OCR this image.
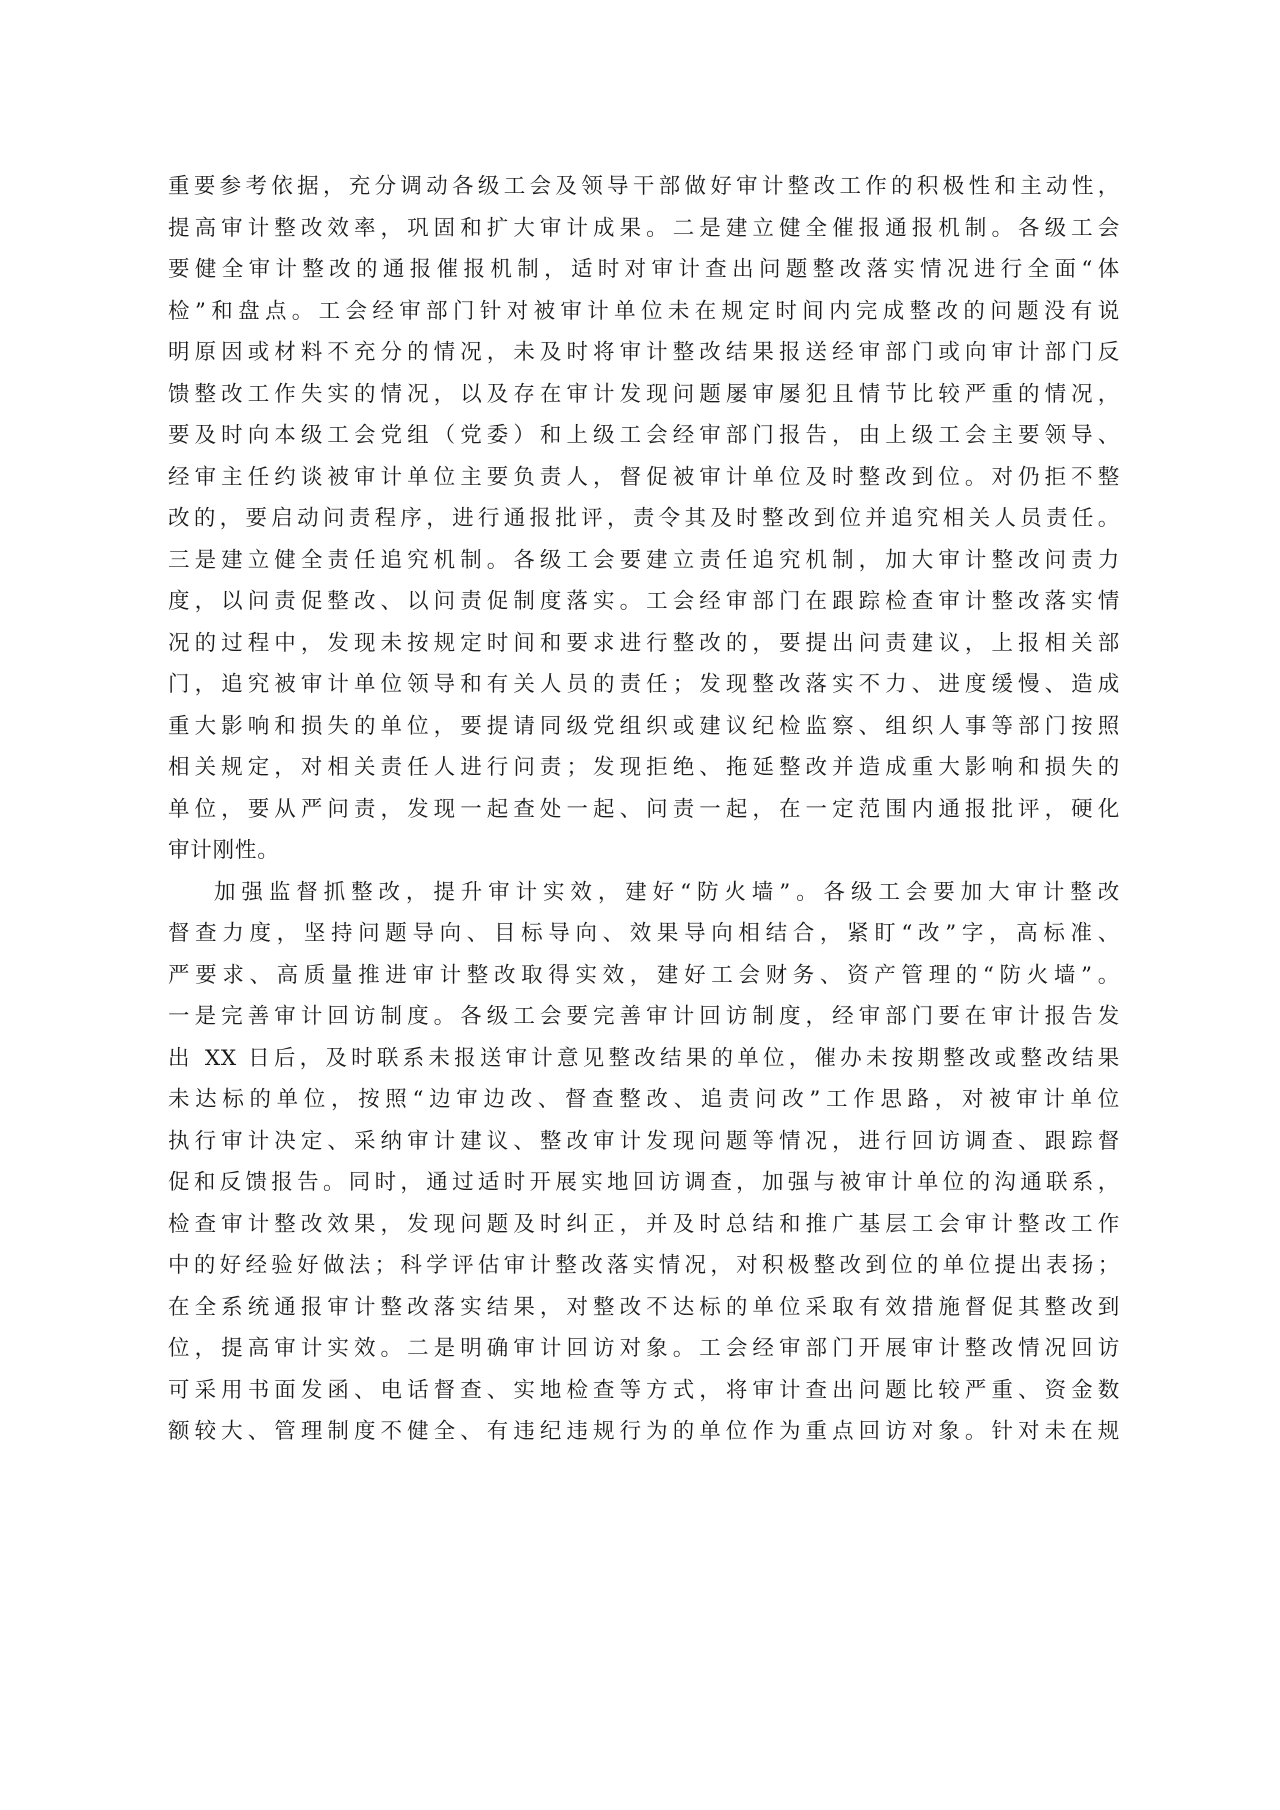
重要参考依据，充分调动各级工会及领导干部做好审计整改工作的积极性和主动性，
提高审计整改效率，巩固和扩大审计成果。二是建立健全催报通报机制。各级工会
要健全审计整改的通报催报机制，适时对审计查出问题整改落实情况进行全面“体
检”和盘点。工会经审部门针对被审计单位未在规定时间内完成整改的问题没有说
明原因或材料不充分的情况，未及时将审计整改结果报送经审部门或向审计部门反
馈整改工作失实的情况，以及存在审计发现问题屡审屡犯且情节比较严重的情况，
要及时向本级工会党组（党委）和上级工会经审部门报告，由上级工会主要领导、
经审主任约谈被审计单位主要负责人，督促被审计单位及时整改到位。对仍拒不整
改的，要启动问责程序，进行通报批评，责令其及时整改到位并追究相关人员责任。
三是建立健全责任追究机制。各级工会要建立责任追究机制，加大审计整改问责力
度，以问责促整改、以问责促制度落实。工会经审部门在跟踪检查审计整改落实情
况的过程中，发现未按规定时间和要求进行整改的，要提出问责建议，上报相关部
门，追究被审计单位领导和有关人员的责任；发现整改落实不力、进度缓慢、造成
重大影响和损失的单位，要提请同级党组织或建议纪检监察、组织人事等部门按照
相关规定，对相关责任人进行问责；发现拒绝、拖延整改并造成重大影响和损失的
单位，要从严问责，发现一起查处一起、问责一起，在一定范围内通报批评，硬化
审计刚性。
加强监督抓整改，提升审计实效，建好“防火墙”。各级工会要加大审计整改
督查力度，坚持问题导向、目标导向、效果导向相结合，紧盯“改”字，高标准、
严要求、高质量推进审计整改取得实效，建好工会财务、资产管理的“防火墙”。
一是完善审计回访制度。各级工会要完善审计回访制度，经审部门要在审计报告发
出 XX 日后，及时联系未报送审计意见整改结果的单位，催办未按期整改或整改结果
未达标的单位，按照“边审边改、督查整改、追责问改”工作思路，对被审计单位
执行审计决定、采纳审计建议、整改审计发现问题等情况，进行回访调查、跟踪督
促和反馈报告。同时，通过适时开展实地回访调查，加强与被审计单位的沟通联系，
检查审计整改效果，发现问题及时纠正，并及时总结和推广基层工会审计整改工作
中的好经验好做法；科学评估审计整改落实情况，对积极整改到位的单位提出表扬；
在全系统通报审计整改落实结果，对整改不达标的单位采取有效措施督促其整改到
位，提高审计实效。二是明确审计回访对象。工会经审部门开展审计整改情况回访
可采用书面发函、电话督查、实地检查等方式，将审计查出问题比较严重、资金数
额较大、管理制度不健全、有违纪违规行为的单位作为重点回访对象。针对未在规
